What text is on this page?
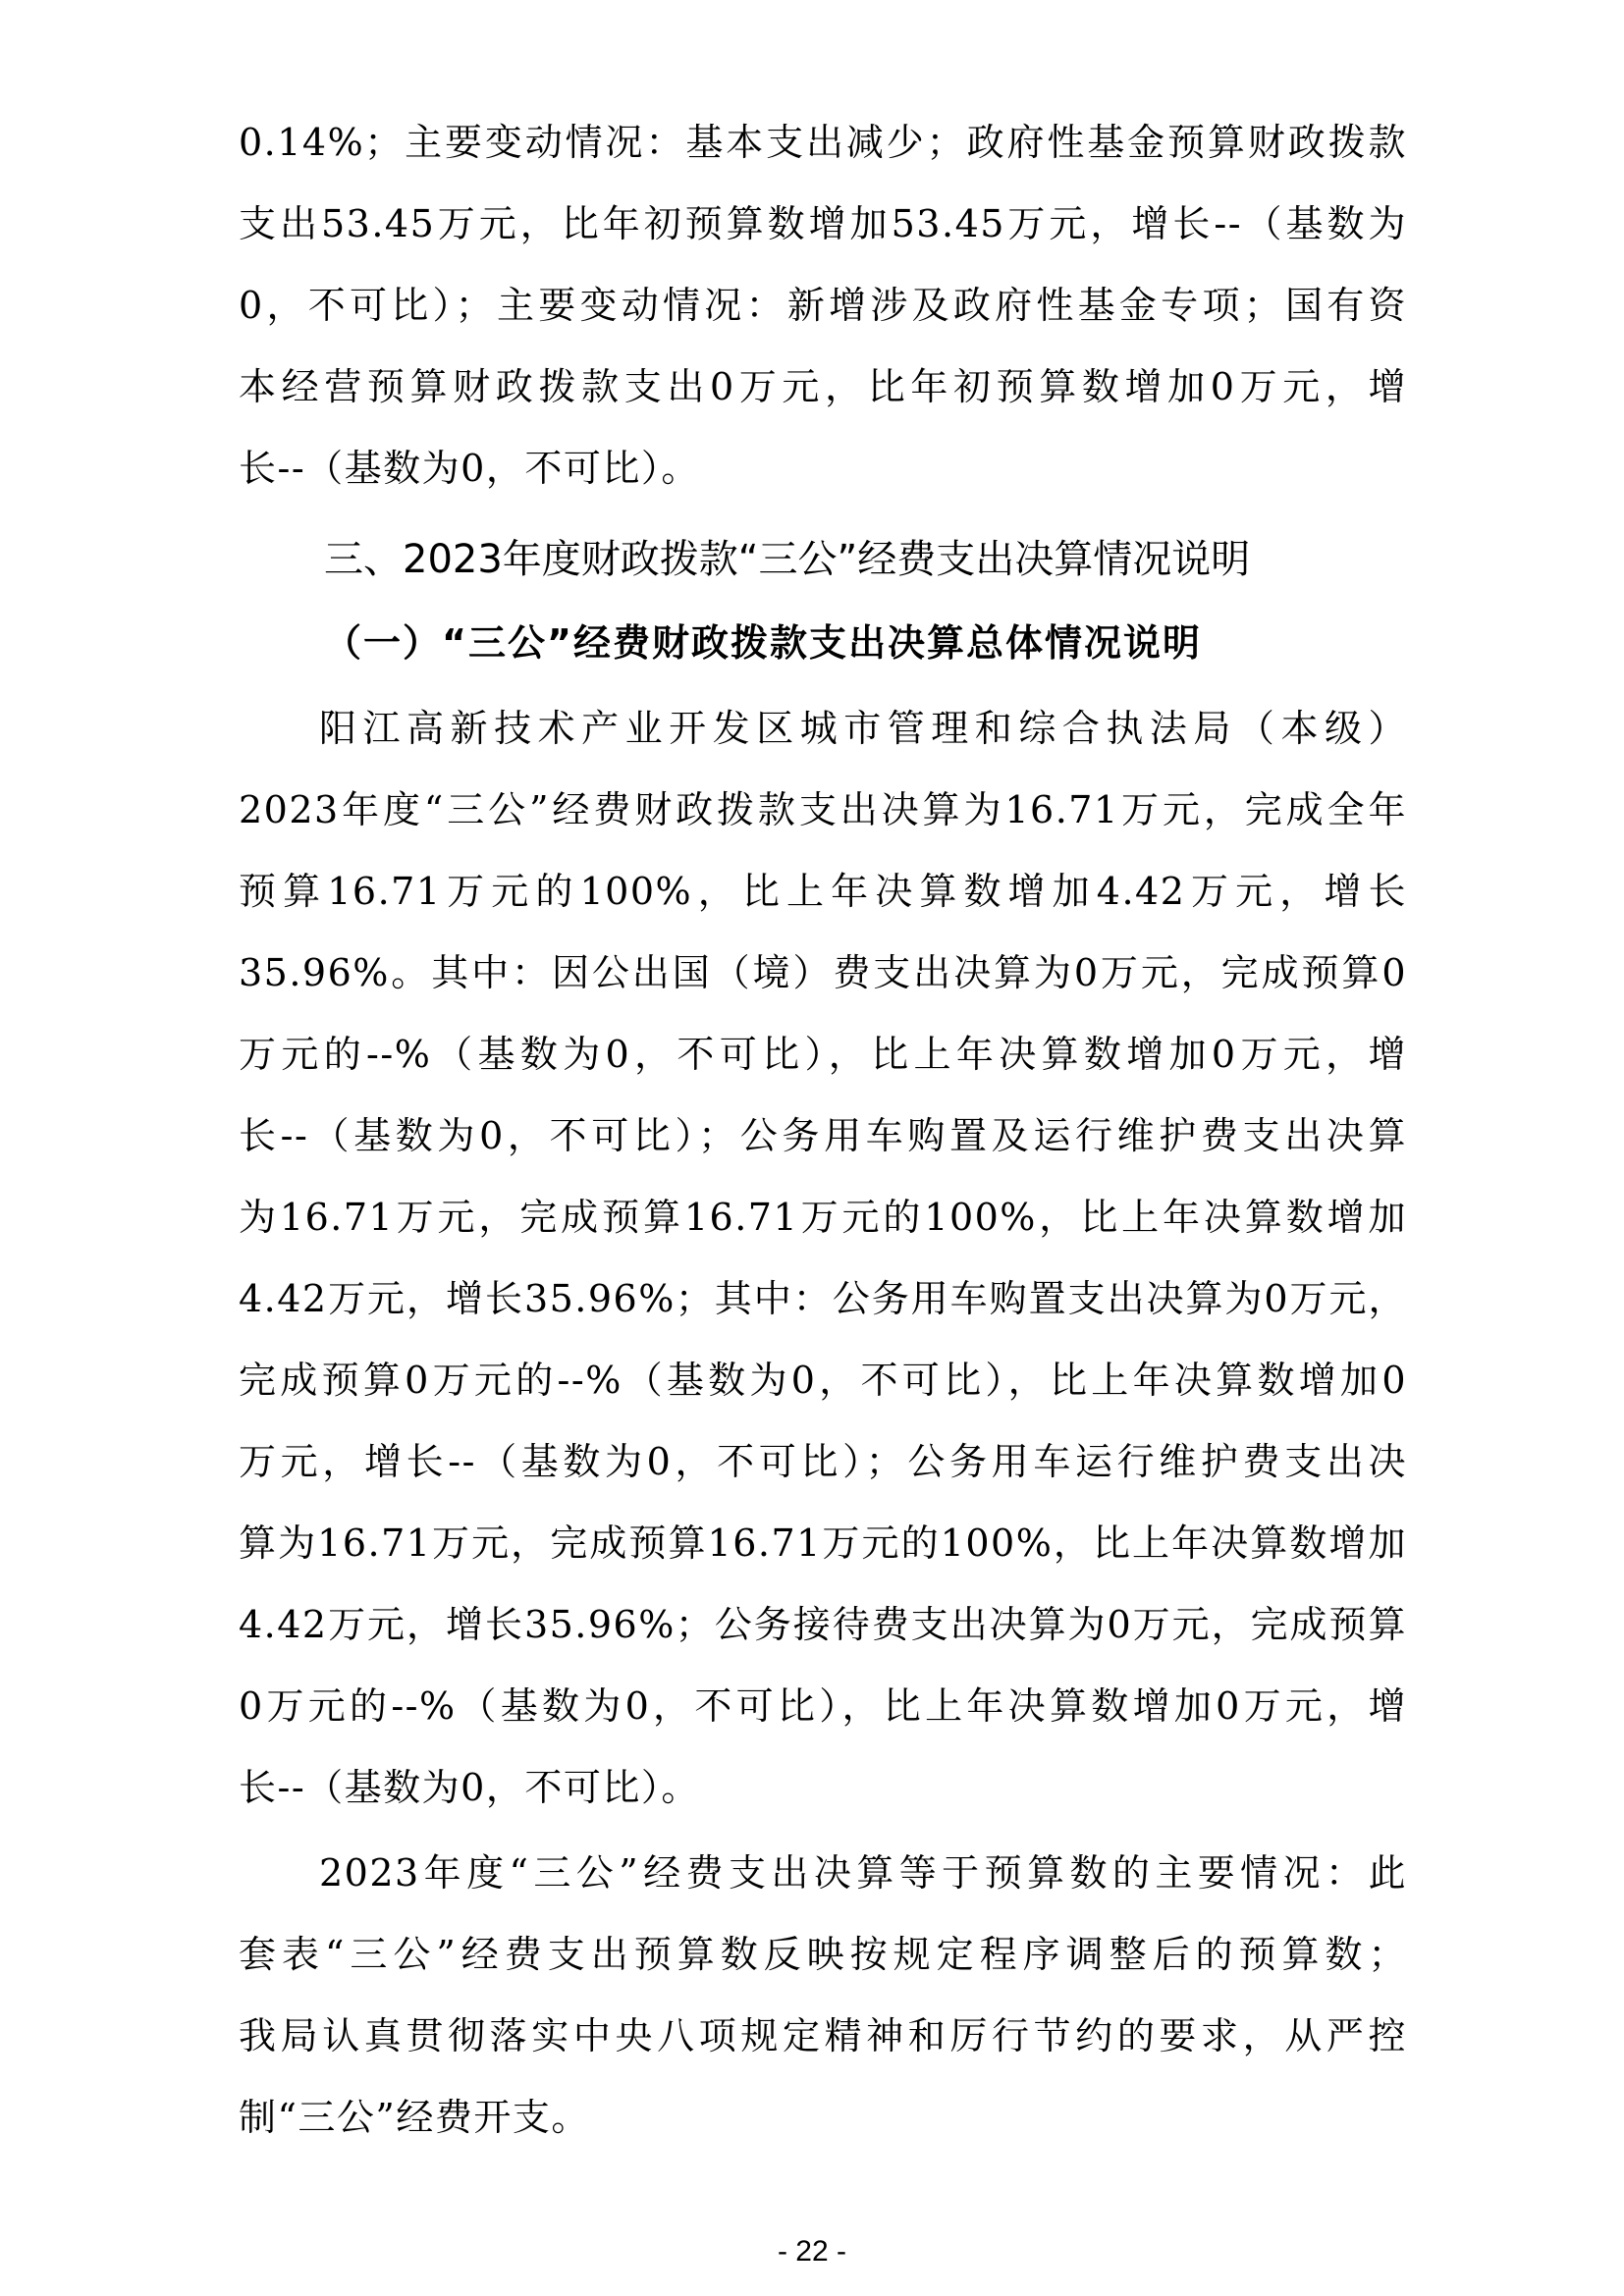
0.14%；主要变动情况：基本支出减少；政府性基金预算财政拨款
支出53.45万元，比年初预算数增加53.45万元，增长--（基数为
0，不可比）；主要变动情况：新增涉及政府性基金专项；国有资
本经营预算财政拨款支出0万元，比年初预算数增加0万元，增
长--（基数为0，不可比）。
三、2023年度财政拨款“三公”经费支出决算情况说明
（一）“三公”经费财政拨款支出决算总体情况说明
阳江高新技术产业开发区城市管理和综合执法局（本级）
2023年度“三公”经费财政拨款支出决算为16.71万元，完成全年
预算16.71万元的100%，比上年决算数增加4.42万元，增长
35.96%。其中：因公出国（境）费支出决算为0万元，完成预算0
万元的--%（基数为0，不可比），比上年决算数增加0万元，增
长--（基数为0，不可比）；公务用车购置及运行维护费支出决算
为16.71万元，完成预算16.71万元的100%，比上年决算数增加
4.42万元，增长35.96%；其中：公务用车购置支出决算为0万元，
完成预算0万元的--%（基数为0，不可比），比上年决算数增加0
万元，增长--（基数为0，不可比）；公务用车运行维护费支出决
算为16.71万元，完成预算16.71万元的100%，比上年决算数增加
4.42万元，增长35.96%；公务接待费支出决算为0万元，完成预算
0万元的--%（基数为0，不可比），比上年决算数增加0万元，增
长--（基数为0，不可比）。
2023年度“三公”经费支出决算等于预算数的主要情况：此
套表“三公”经费支出预算数反映按规定程序调整后的预算数；
我局认真贯彻落实中央八项规定精神和厉行节约的要求，从严控
制“三公”经费开支。
- 22 -
